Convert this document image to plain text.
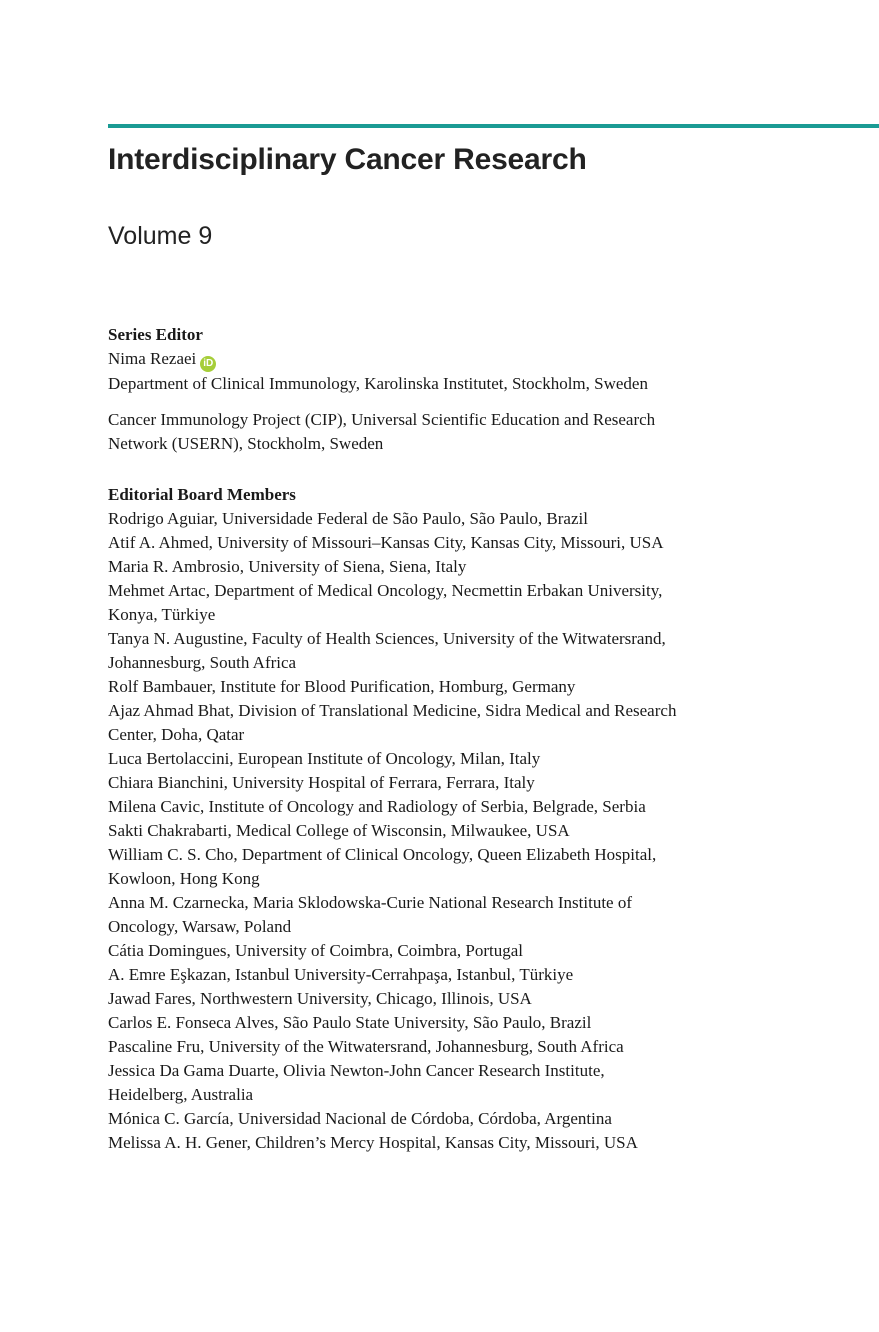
Interdisciplinary Cancer Research
Volume 9
Series Editor
Nima Rezaei iD
Department of Clinical Immunology, Karolinska Institutet, Stockholm, Sweden
Cancer Immunology Project (CIP), Universal Scientific Education and Research
Network (USERN), Stockholm, Sweden
Editorial Board Members
Rodrigo Aguiar, Universidade Federal de São Paulo, São Paulo, Brazil
Atif A. Ahmed, University of Missouri–Kansas City, Kansas City, Missouri, USA
Maria R. Ambrosio, University of Siena, Siena, Italy
Mehmet Artac, Department of Medical Oncology, Necmettin Erbakan University,
Konya, Türkiye
Tanya N. Augustine, Faculty of Health Sciences, University of the Witwatersrand,
Johannesburg, South Africa
Rolf Bambauer, Institute for Blood Purification, Homburg, Germany
Ajaz Ahmad Bhat, Division of Translational Medicine, Sidra Medical and Research
Center, Doha, Qatar
Luca Bertolaccini, European Institute of Oncology, Milan, Italy
Chiara Bianchini, University Hospital of Ferrara, Ferrara, Italy
Milena Cavic, Institute of Oncology and Radiology of Serbia, Belgrade, Serbia
Sakti Chakrabarti, Medical College of Wisconsin, Milwaukee, USA
William C. S. Cho, Department of Clinical Oncology, Queen Elizabeth Hospital,
Kowloon, Hong Kong
Anna M. Czarnecka, Maria Sklodowska-Curie National Research Institute of
Oncology, Warsaw, Poland
Cátia Domingues, University of Coimbra, Coimbra, Portugal
A. Emre Eşkazan, Istanbul University-Cerrahpaşa, Istanbul, Türkiye
Jawad Fares, Northwestern University, Chicago, Illinois, USA
Carlos E. Fonseca Alves, São Paulo State University, São Paulo, Brazil
Pascaline Fru, University of the Witwatersrand, Johannesburg, South Africa
Jessica Da Gama Duarte, Olivia Newton-John Cancer Research Institute,
Heidelberg, Australia
Mónica C. García, Universidad Nacional de Córdoba, Córdoba, Argentina
Melissa A. H. Gener, Children’s Mercy Hospital, Kansas City, Missouri, USA
